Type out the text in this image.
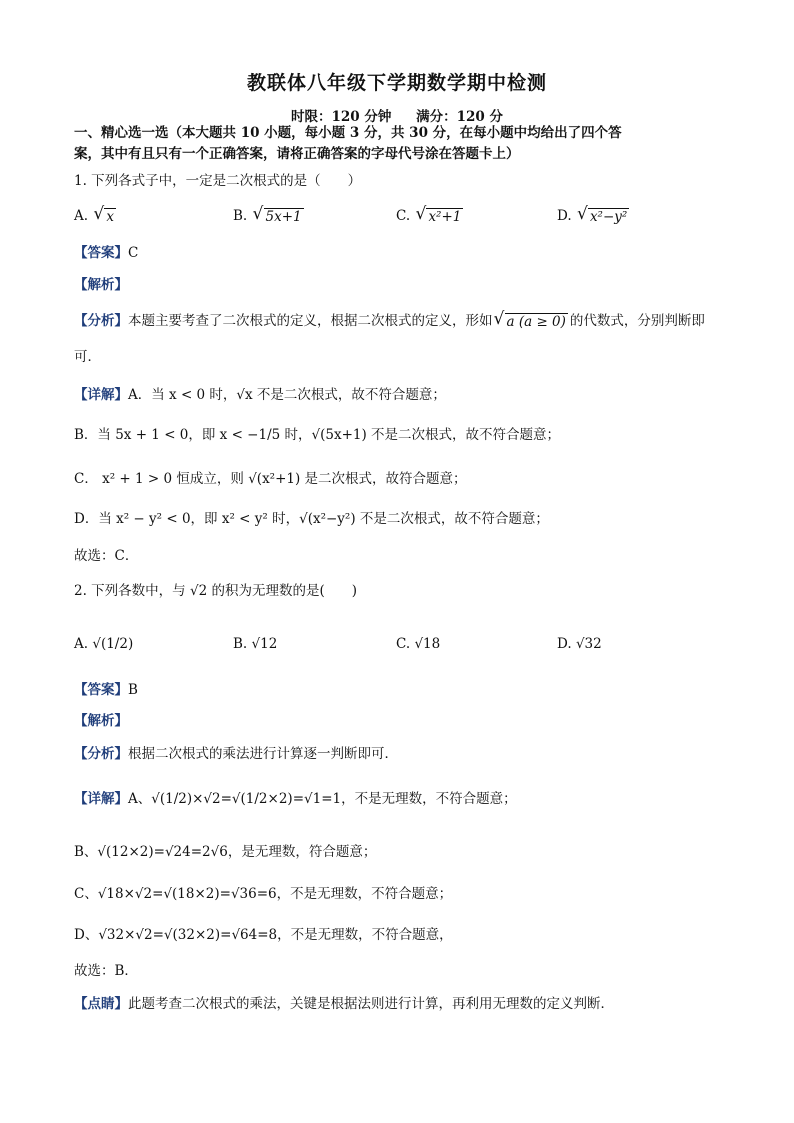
教联体八年级下学期数学期中检测
时限：120 分钟 满分：120 分
一、精心选一选（本大题共 10 小题，每小题 3 分，共 30 分，在每小题中均给出了四个答
案，其中有且只有一个正确答案，请将正确答案的字母代号涂在答题卡上）
1. 下列各式子中，一定是二次根式的是（　　）
A. √ x	B. √ 5x+1	C. √ x²+1	D. √ x²−y²
【答案】C
【解析】
【分析】本题主要考查了二次根式的定义，根据二次根式的定义，形如 √ a (a ≥ 0) 的代数式，分别判断即
可．
【详解】A．当 x < 0 时，√x 不是二次根式，故不符合题意；
B．当 5x + 1 < 0，即 x < −1/5 时，√(5x+1) 不是二次根式，故不符合题意；
C． x² + 1 > 0 恒成立，则 √(x²+1) 是二次根式，故符合题意；
D．当 x² − y² < 0，即 x² < y² 时，√(x²−y²) 不是二次根式，故不符合题意；
故选：C．
2. 下列各数中，与 √2 的积为无理数的是(　　)
A. √(1/2)	B. √12	C. √18	D. √32
【答案】B
【解析】
【分析】根据二次根式的乘法进行计算逐一判断即可．
【详解】A、√(1/2)×√2=√(1/2×2)=√1=1，不是无理数，不符合题意；
B、√(12×2)=√24=2√6，是无理数，符合题意；
C、√18×√2=√(18×2)=√36=6，不是无理数，不符合题意；
D、√32×√2=√(32×2)=√64=8，不是无理数，不符合题意，
故选：B．
【点睛】此题考查二次根式的乘法，关键是根据法则进行计算，再利用无理数的定义判断．
